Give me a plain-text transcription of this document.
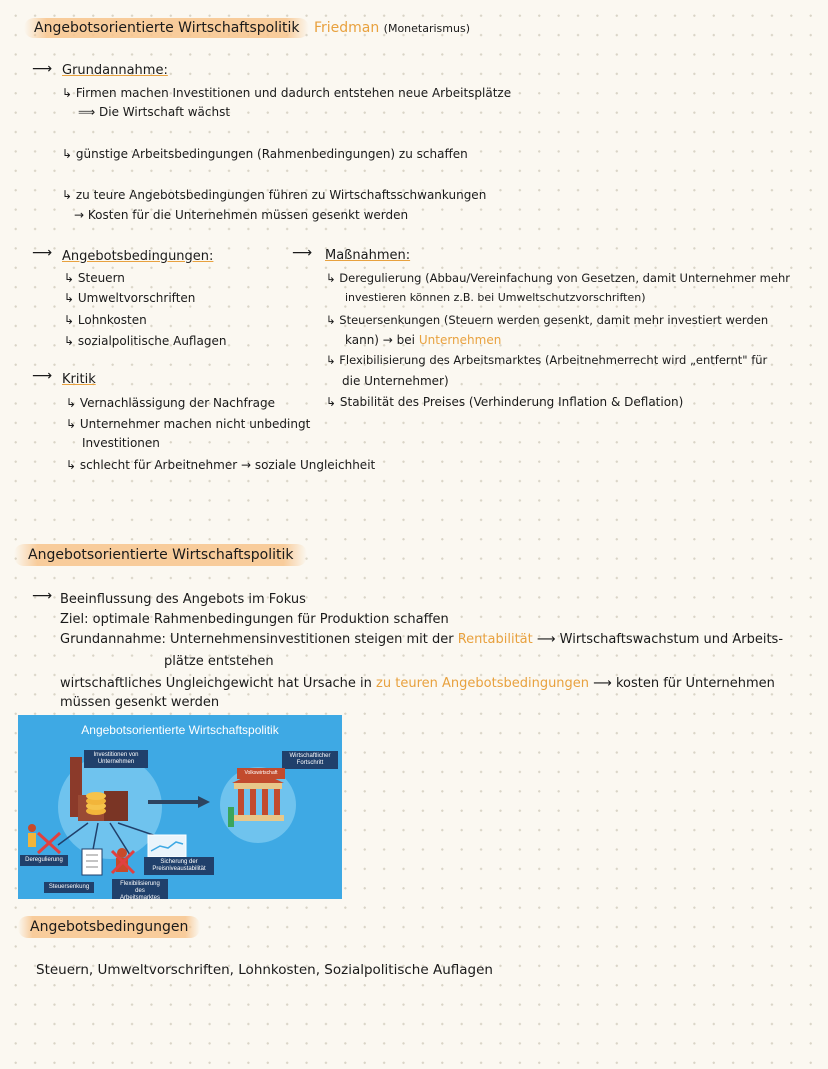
Angebotsorientierte Wirtschaftspolitik Friedman (Monetarismus)
⟶ Grundannahme:
↳ Firmen machen Investitionen und dadurch entstehen neue Arbeitsplätze
⟹ Die Wirtschaft wächst
↳ günstige Arbeitsbedingungen (Rahmenbedingungen) zu schaffen
↳ zu teure Angebotsbedingungen führen zu Wirtschaftsschwankungen
→ Kosten für die Unternehmen müssen gesenkt werden
⟶ Angebotsbedingungen:
↳ Steuern
↳ Umweltvorschriften
↳ Lohnkosten
↳ sozialpolitische Auflagen
⟶ Kritik
↳ Vernachlässigung der Nachfrage
↳ Unternehmer machen nicht unbedingt
Investitionen
↳ schlecht für Arbeitnehmer → soziale Ungleichheit
⟶ Maßnahmen:
↳ Deregulierung (Abbau/Vereinfachung von Gesetzen, damit Unternehmer mehr
investieren können z.B. bei Umweltschutzvorschriften)
↳ Steuersenkungen (Steuern werden gesenkt, damit mehr investiert werden
kann) → bei Unternehmen
↳ Flexibilisierung des Arbeitsmarktes (Arbeitnehmerrecht wird „entfernt" für
die Unternehmer)
↳ Stabilität des Preises (Verhinderung Inflation & Deflation)
Angebotsorientierte Wirtschaftspolitik
⟶ Beeinflussung des Angebots im Fokus
Ziel: optimale Rahmenbedingungen für Produktion schaffen
Grundannahme: Unternehmensinvestitionen steigen mit der Rentabilität ⟶ Wirtschaftswachstum und Arbeits-
plätze entstehen
wirtschaftliches Ungleichgewicht hat Ursache in zu teuren Angebotsbedingungen ⟶ kosten für Unternehmen
müssen gesenkt werden
Angebotsorientierte Wirtschaftspolitik
Investitionen von Unternehmen
Wirtschaftlicher Fortschritt
Volkswirtschaft
Deregulierung
Steuersenkung	Flexibilisierung des Arbeitsmarktes
Sicherung der Preisniveaustabilität
Angebotsbedingungen
Steuern, Umweltvorschriften, Lohnkosten, Sozialpolitische Auflagen
